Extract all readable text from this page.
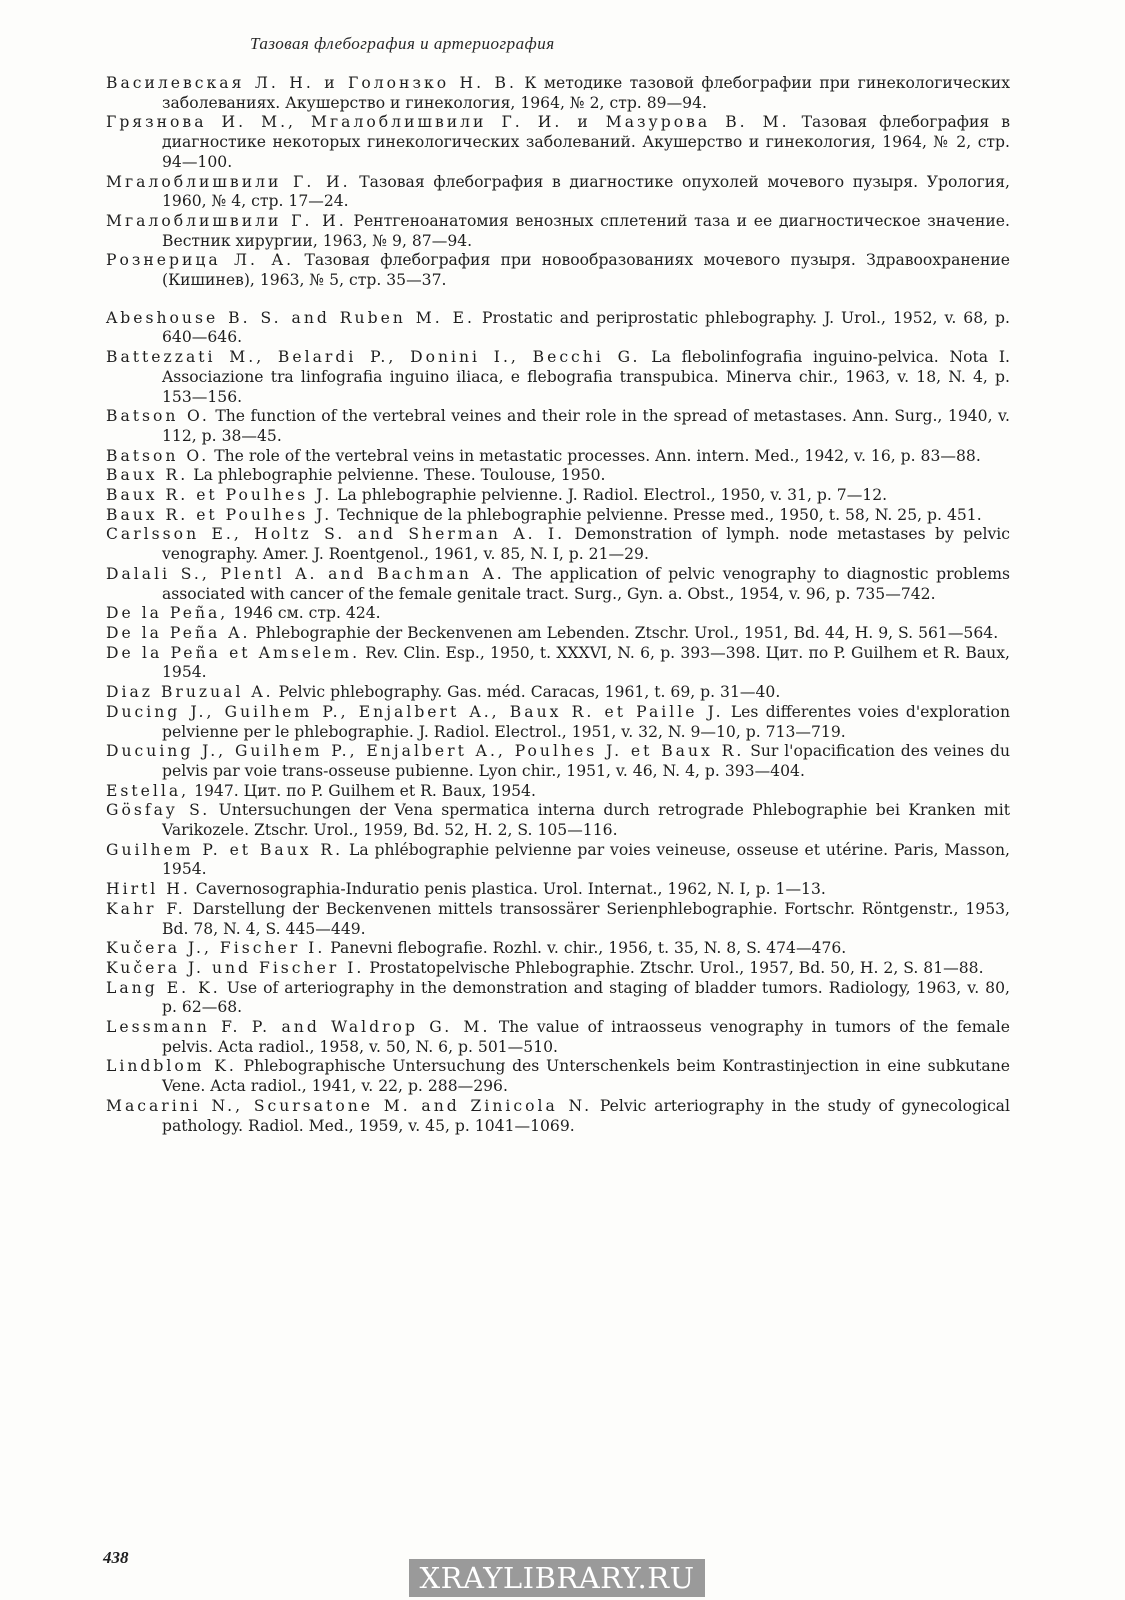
Тазовая флебография и артериография

Василевская Л. Н. и Голонзко Н. В. К методике тазовой флебографии при гинекологических заболеваниях. Акушерство и гинекология, 1964, № 2, стр. 89—94.

Грязнова И. М., Мгалоблишвили Г. И. и Мазурова В. М. Тазовая флебография в диагностике некоторых гинекологических заболеваний. Акушерство и гинекология, 1964, № 2, стр. 94—100.

Мгалоблишвили Г. И. Тазовая флебография в диагностике опухолей мочевого пузыря. Урология, 1960, № 4, стр. 17—24.

Мгалоблишвили Г. И. Рентгеноанатомия венозных сплетений таза и ее диагностическое значение. Вестник хирургии, 1963, № 9, 87—94.

Рознерица Л. А. Тазовая флебография при новообразованиях мочевого пузыря. Здравоохранение (Кишинев), 1963, № 5, стр. 35—37.

Abeshouse B. S. and Ruben M. E. Prostatic and periprostatic phlebography. J. Urol., 1952, v. 68, p. 640—646.

Battezzati M., Belardi P., Donini I., Becchi G. La flebolinfografia inguino-pelvica. Nota I. Associazione tra linfografia inguino iliaca, e flebografia transpubica. Minerva chir., 1963, v. 18, N. 4, p. 153—156.

Batson O. The function of the vertebral veines and their role in the spread of metastases. Ann. Surg., 1940, v. 112, p. 38—45.

Batson O. The role of the vertebral veins in metastatic processes. Ann. intern. Med., 1942, v. 16, p. 83—88.

Baux R. La phlebographie pelvienne. These. Toulouse, 1950.

Baux R. et Poulhes J. La phlebographie pelvienne. J. Radiol. Electrol., 1950, v. 31, p. 7—12.

Baux R. et Poulhes J. Technique de la phlebographie pelvienne. Presse med., 1950, t. 58, N. 25, p. 451.

Carlsson E., Holtz S. and Sherman A. I. Demonstration of lymph. node metastases by pelvic venography. Amer. J. Roentgenol., 1961, v. 85, N. I, p. 21—29.

Dalali S., Plentl A. and Bachman A. The application of pelvic venography to diagnostic problems associated with cancer of the female genitale tract. Surg., Gyn. a. Obst., 1954, v. 96, p. 735—742.

De la Peña, 1946 см. стр. 424.

De la Peña A. Phlebographie der Beckenvenen am Lebenden. Ztschr. Urol., 1951, Bd. 44, H. 9, S. 561—564.

De la Peña et Amselem. Rev. Clin. Esp., 1950, t. XXXVI, N. 6, p. 393—398. Цит. по P. Guilhem et R. Baux, 1954.

Diaz Bruzual A. Pelvic phlebography. Gas. méd. Caracas, 1961, t. 69, p. 31—40.

Ducing J., Guilhem P., Enjalbert A., Baux R. et Paille J. Les differentes voies d'exploration pelvienne per le phlebographie. J. Radiol. Electrol., 1951, v. 32, N. 9—10, p. 713—719.

Ducuing J., Guilhem P., Enjalbert A., Poulhes J. et Baux R. Sur l'opacification des veines du pelvis par voie trans-osseuse pubienne. Lyon chir., 1951, v. 46, N. 4, p. 393—404.

Estella, 1947. Цит. по P. Guilhem et R. Baux, 1954.

Gösfay S. Untersuchungen der Vena spermatica interna durch retrograde Phlebographie bei Kranken mit Varikozele. Ztschr. Urol., 1959, Bd. 52, H. 2, S. 105—116.

Guilhem P. et Baux R. La phlébographie pelvienne par voies veineuse, osseuse et utérine. Paris, Masson, 1954.

Hirtl H. Cavernosographia-Induratio penis plastica. Urol. Internat., 1962, N. I, p. 1—13.

Kahr F. Darstellung der Beckenvenen mittels transossärer Serienphlebographie. Fortschr. Röntgenstr., 1953, Bd. 78, N. 4, S. 445—449.

Kučera J., Fischer I. Panevni flebografie. Rozhl. v. chir., 1956, t. 35, N. 8, S. 474—476.

Kučera J. und Fischer I. Prostatopelvische Phlebographie. Ztschr. Urol., 1957, Bd. 50, H. 2, S. 81—88.

Lang E. K. Use of arteriography in the demonstration and staging of bladder tumors. Radiology, 1963, v. 80, p. 62—68.

Lessmann F. P. and Waldrop G. M. The value of intraosseus venography in tumors of the female pelvis. Acta radiol., 1958, v. 50, N. 6, p. 501—510.

Lindblom K. Phlebographische Untersuchung des Unterschenkels beim Kontrastinjection in eine subkutane Vene. Acta radiol., 1941, v. 22, p. 288—296.

Macarini N., Scursatone M. and Zinicola N. Pelvic arteriography in the study of gynecological pathology. Radiol. Med., 1959, v. 45, p. 1041—1069.

438
XRAYLIBRARY.RU
